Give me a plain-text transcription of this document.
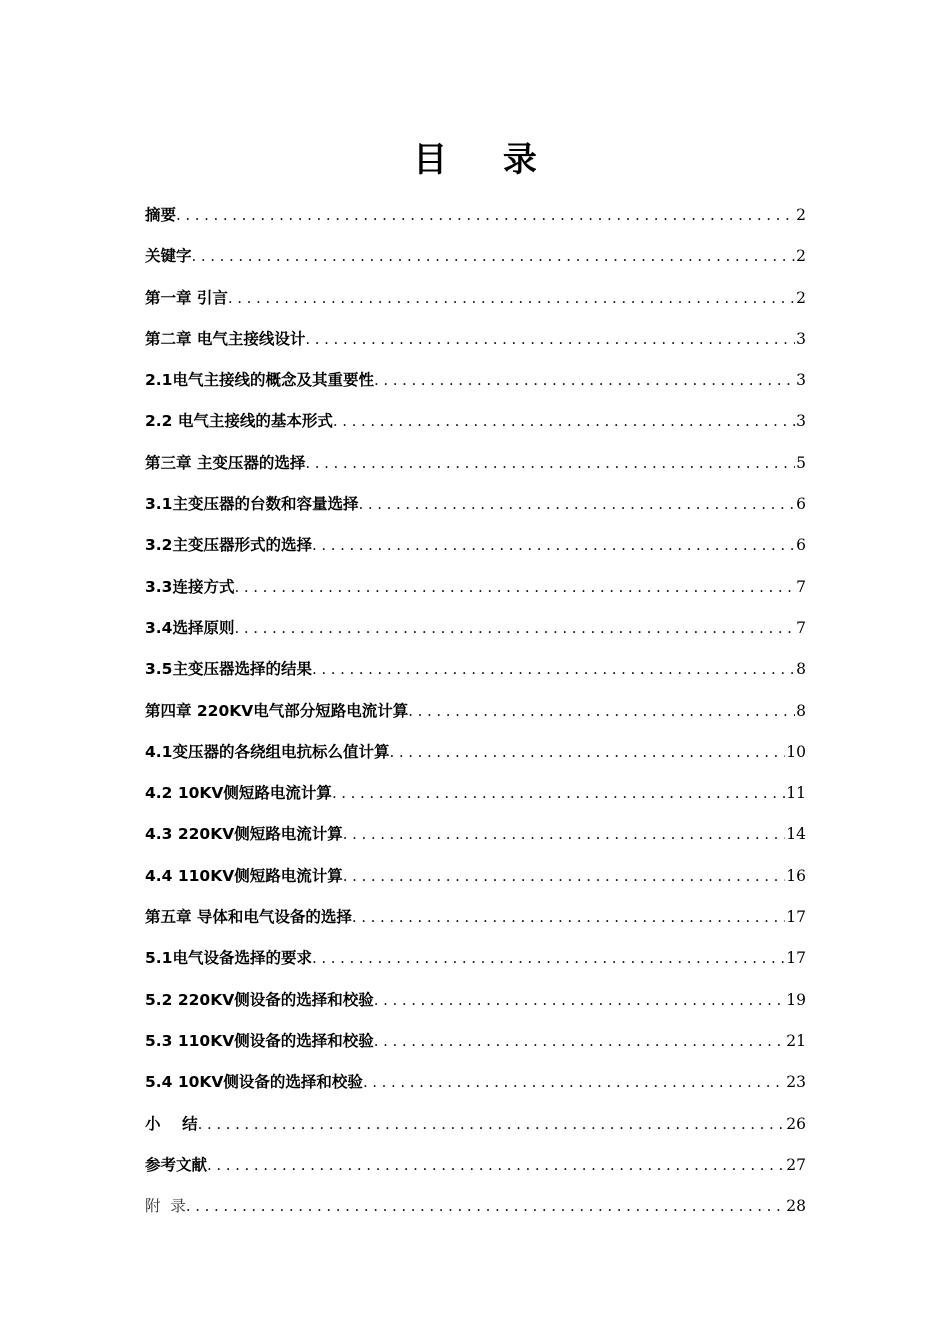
目 录
摘要 .....	2
关键字 .....	2
第一章 引言 .....	2
第二章 电气主接线设计 .....	3
2.1电气主接线的概念及其重要性 .....	3
2.2 电气主接线的基本形式 .....	3
第三章 主变压器的选择 .....	5
3.1主变压器的台数和容量选择 .....	6
3.2主变压器形式的选择 .....	6
3.3连接方式 .....	7
3.4选择原则 .....	7
3.5主变压器选择的结果 .....	8
第四章 220KV电气部分短路电流计算 .....	8
4.1变压器的各绕组电抗标么值计算 .....	10
4.2 10KV侧短路电流计算 .....	11
4.3 220KV侧短路电流计算 .....	14
4.4 110KV侧短路电流计算 .....	16
第五章 导体和电气设备的选择 .....	17
5.1电气设备选择的要求 .....	17
5.2 220KV侧设备的选择和校验 .....	19
5.3 110KV侧设备的选择和校验 .....	21
5.4 10KV侧设备的选择和校验 .....	23
小    结 .....	26
参考文献 .....	27
附  录 .....	28
